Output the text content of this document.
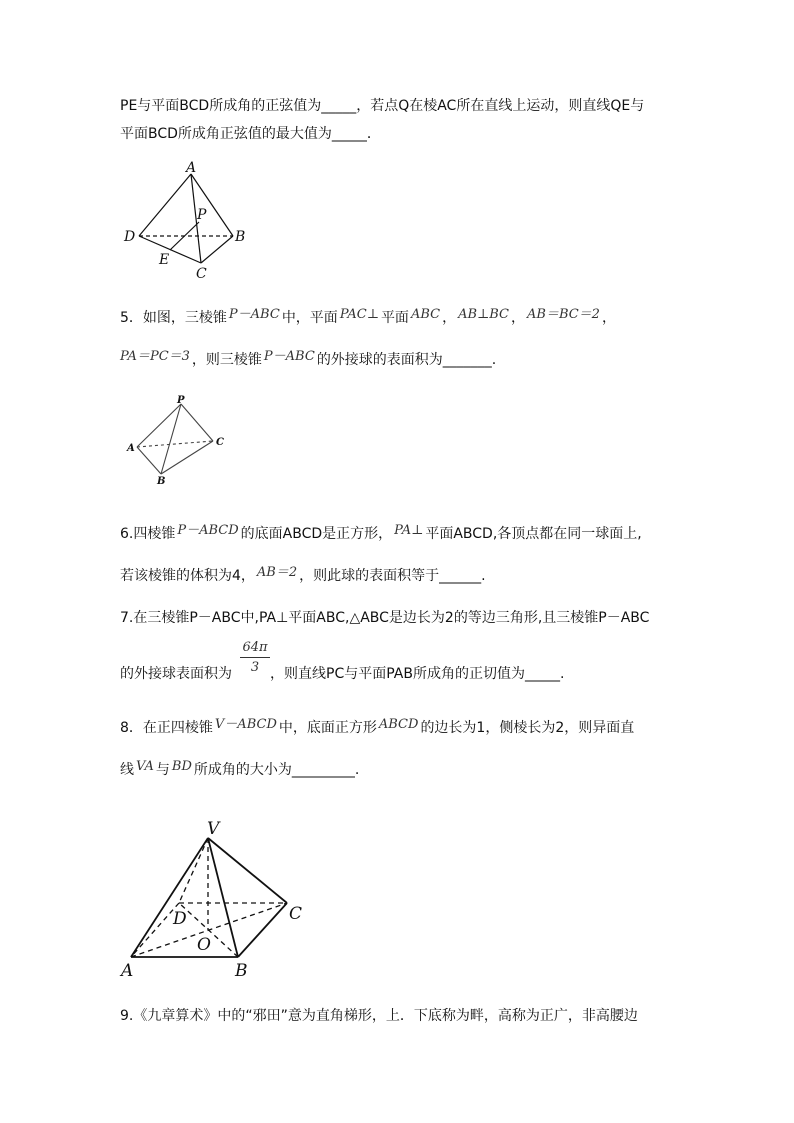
PE与平面BCD所成角的正弦值为_____，若点Q在棱AC所在直线上运动，则直线QE与
平面BCD所成角正弦值的最大值为_____．
A
P
D	B
E
C
5．如图，三棱锥 P－ABC 中，平面 PAC⊥ 平面 ABC ， AB⊥BC ， AB＝BC＝2 ，
PA＝PC＝3 ，则三棱锥 P－ABC 的外接球的表面积为_______.
P
A
C
B
6.四棱锥 P－ABCD 的底面ABCD是正方形， PA⊥ 平面ABCD,各顶点都在同一球面上,
若该棱锥的体积为4， AB＝2 ，则此球的表面积等于______.
7.在三棱锥P－ABC中,PA⊥平面ABC,△ABC是边长为2的等边三角形,且三棱锥P－ABC
64π
3
的外接球表面积为	，则直线PC与平面PAB所成角的正切值为_____.
8．在正四棱锥 V－ABCD 中，底面正方形 ABCD 的边长为1，侧棱长为2，则异面直
线 VA 与 BD 所成角的大小为_________.
V
D	C
O
A	B
9.《九章算术》中的“邪田”意为直角梯形，上．下底称为畔，高称为正广，非高腰边
